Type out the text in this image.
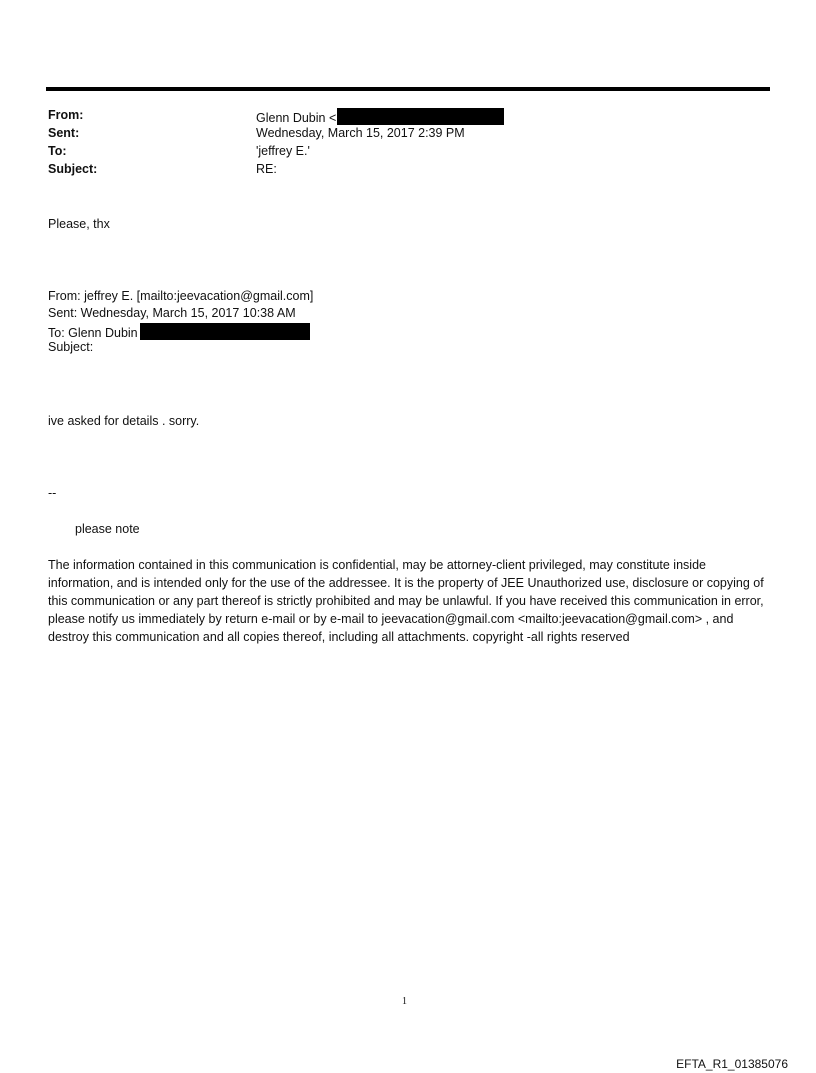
From:	Glenn Dubin <
Sent:	Wednesday, March 15, 2017 2:39 PM
To:	'jeffrey E.'
Subject:	RE:
Please, thx
From: jeffrey E. [mailto:jeevacation@gmail.com]
Sent: Wednesday, March 15, 2017 10:38 AM
To: Glenn Dubin
Subject:
ive asked for details . sorry.
--
please note
The information contained in this communication is confidential, may be attorney-client privileged, may constitute inside information, and is intended only for the use of the addressee. It is the property of JEE Unauthorized use, disclosure or copying of this communication or any part thereof is strictly prohibited and may be unlawful. If you have received this communication in error, please notify us immediately by return e-mail or by e-mail to jeevacation@gmail.com <mailto:jeevacation@gmail.com> , and destroy this communication and all copies thereof, including all attachments. copyright -all rights reserved
1
EFTA_R1_01385076
